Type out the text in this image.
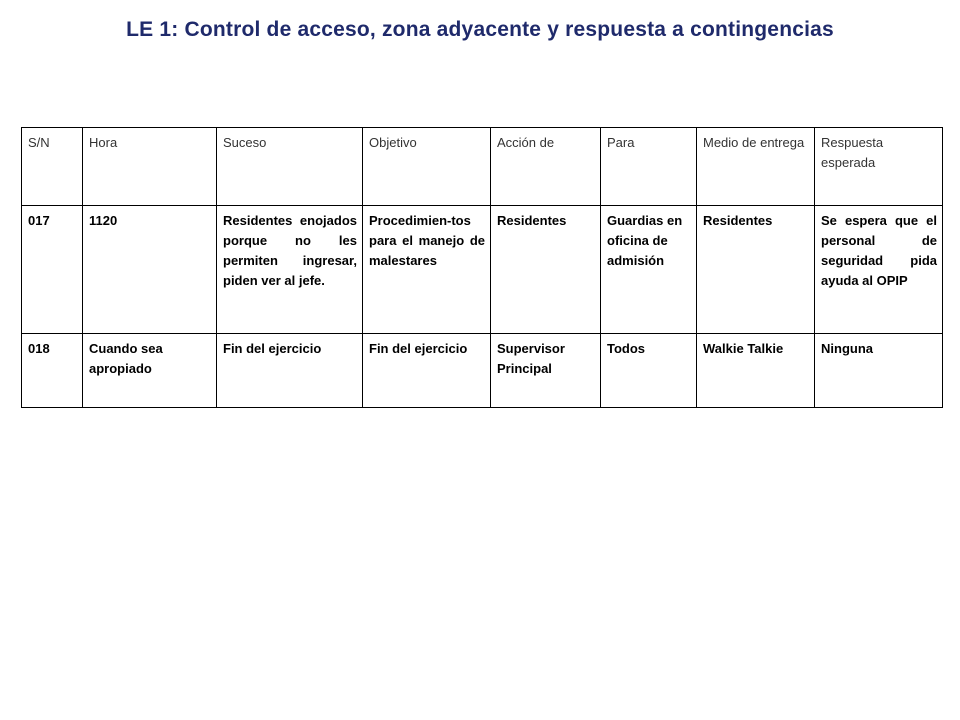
LE 1: Control de acceso, zona adyacente y respuesta a contingencias
S/N	Hora	Suceso	Objetivo	Acción de	Para	Medio de entrega	Respuesta esperada
017	1120	Residentes enojados porque no les permiten ingresar, piden ver al jefe.	Procedimien-tos para el manejo de malestares	Residentes	Guardias en oficina de admisión	Residentes	Se espera que el personal de seguridad pida ayuda al OPIP
018	Cuando sea apropiado	Fin del ejercicio	Fin del ejercicio	Supervisor Principal	Todos	Walkie Talkie	Ninguna
